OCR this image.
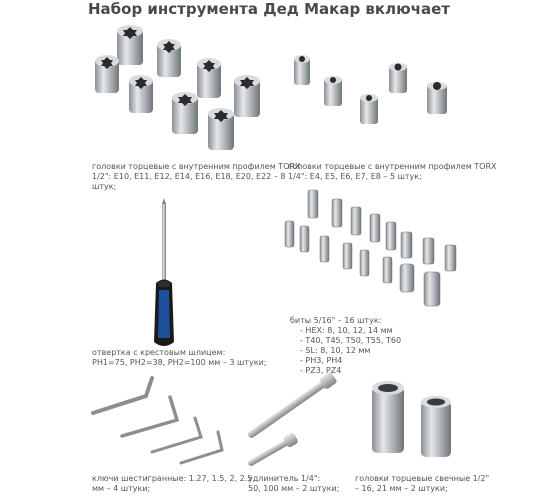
Набор инструмента Дед Макар включает
головки торцевые с внутренним профилем TORX
1/2": E10, E11, E12, E14, E16, E18, E20, E22 – 8
штук;
головки торцевые с внутренним профилем TORX
1/4": E4, E5, E6, E7, E8 – 5 штук;
отвертка с крестовым шлицем:
PH1=75, PH2=38, PH2=100 мм – 3 штуки;
биты 5/16" – 16 штук:
- HEX: 8, 10, 12, 14 мм
- T40, T45, T50, T55, T60
- SL: 8, 10, 12 мм
- PH3, PH4
- PZ3, PZ4
ключи шестигранные: 1.27, 1.5, 2, 2.5
мм – 4 штуки;
удлинитель 1/4":
50, 100 мм – 2 штуки;
головки торцевые свечные 1/2"
– 16, 21 мм – 2 штуки;
